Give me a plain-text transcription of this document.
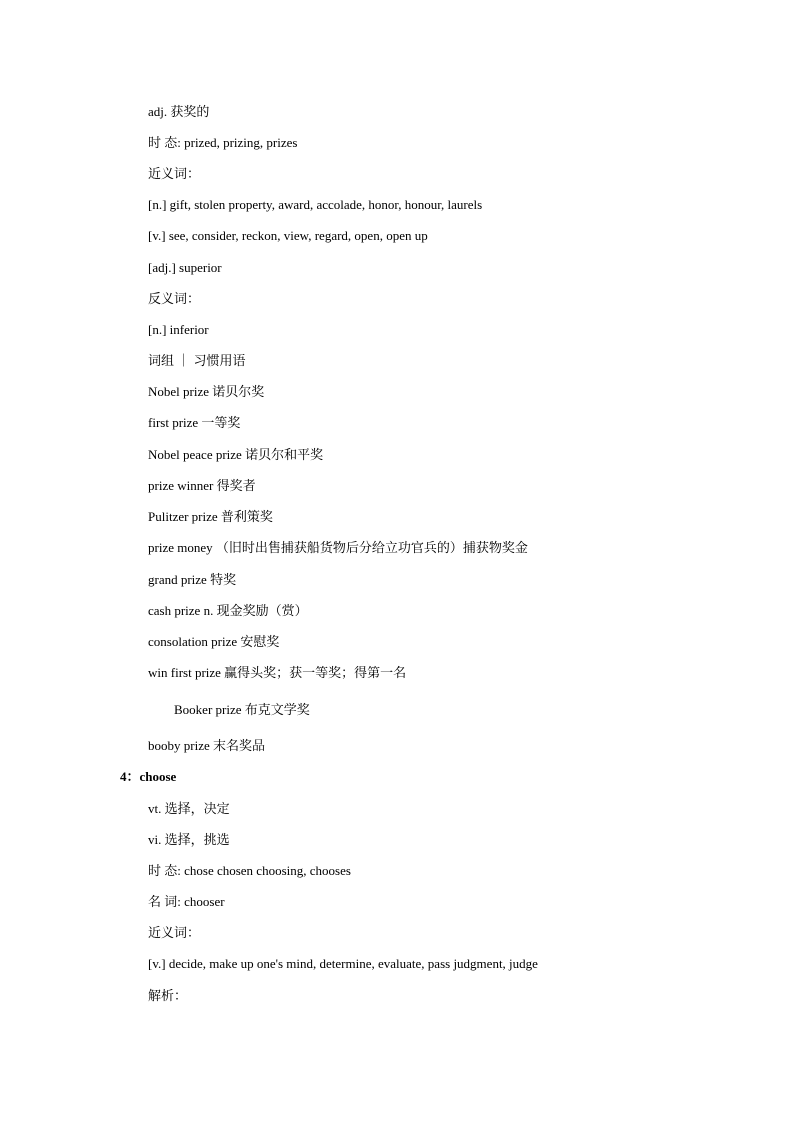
adj. 获奖的
时 态: prized, prizing, prizes
近义词：
[n.] gift, stolen property, award, accolade, honor, honour, laurels
[v.] see, consider, reckon, view, regard, open, open up
[adj.] superior
反义词：
[n.] inferior
词组 ｜ 习惯用语
Nobel prize 诺贝尔奖
first prize 一等奖
Nobel peace prize 诺贝尔和平奖
prize winner 得奖者
Pulitzer prize 普利策奖
prize money （旧时出售捕获船货物后分给立功官兵的）捕获物奖金
grand prize 特奖
cash prize n. 现金奖励（赏）
consolation prize 安慰奖
win first prize 赢得头奖；获一等奖；得第一名
Booker prize 布克文学奖
booby prize 末名奖品
4：choose
vt. 选择，决定
vi. 选择，挑选
时 态: chose chosen choosing, chooses
名 词: chooser
近义词：
[v.] decide, make up one's mind, determine, evaluate, pass judgment, judge
解析：
